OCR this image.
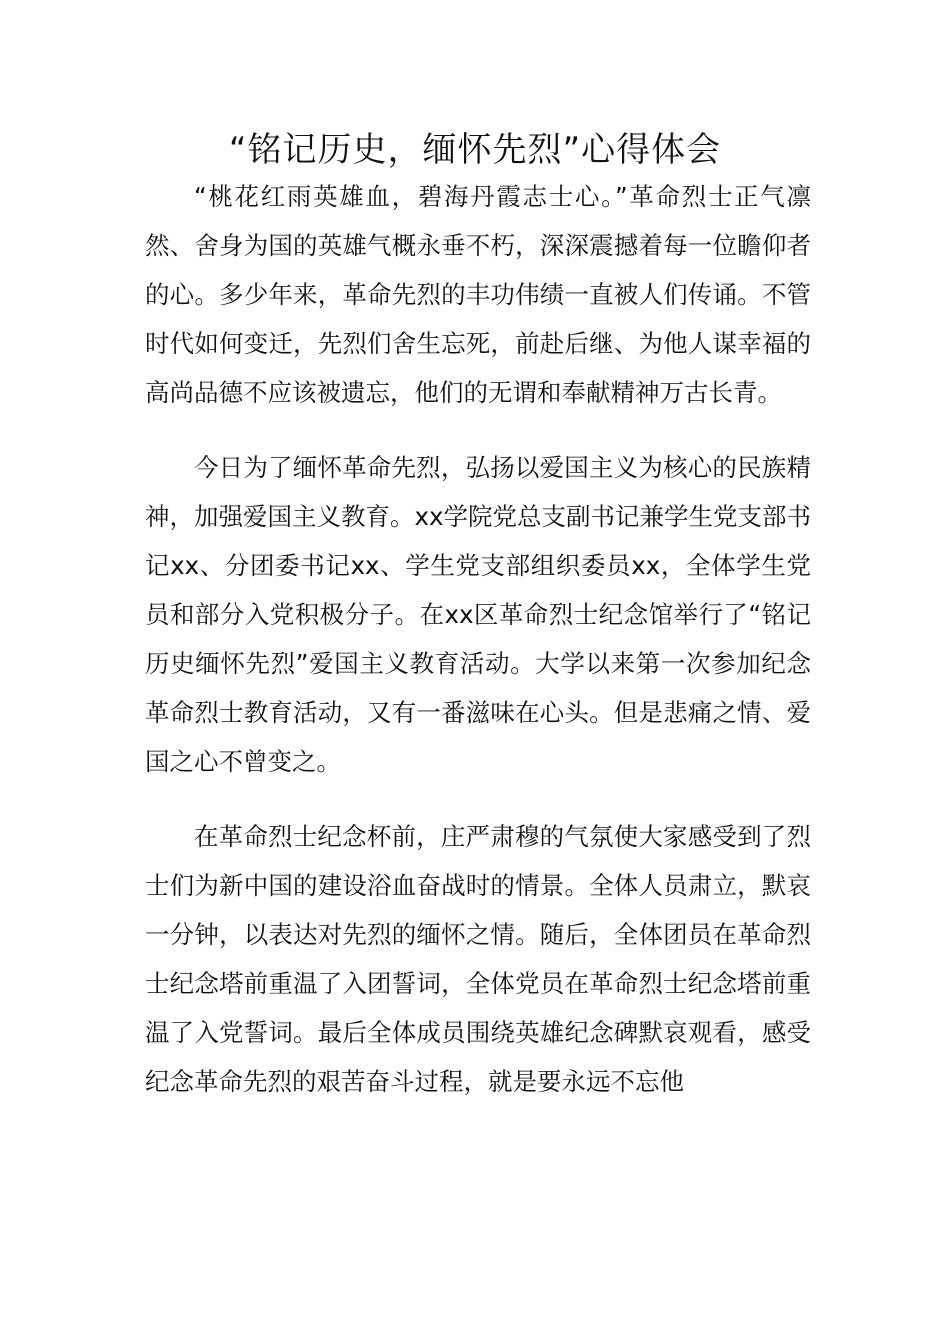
“铭记历史，缅怀先烈”心得体会

“桃花红雨英雄血，碧海丹霞志士心。”革命烈士正气凛然、舍身为国的英雄气概永垂不朽，深深震撼着每一位瞻仰者的心。多少年来，革命先烈的丰功伟绩一直被人们传诵。不管时代如何变迁，先烈们舍生忘死，前赴后继、为他人谋幸福的高尚品德不应该被遗忘，他们的无谓和奉献精神万古长青。

今日为了缅怀革命先烈，弘扬以爱国主义为核心的民族精神，加强爱国主义教育。xx学院党总支副书记兼学生党支部书记xx、分团委书记xx、学生党支部组织委员xx，全体学生党员和部分入党积极分子。在xx区革命烈士纪念馆举行了“铭记历史缅怀先烈”爱国主义教育活动。大学以来第一次参加纪念革命烈士教育活动，又有一番滋味在心头。但是悲痛之情、爱国之心不曾变之。

在革命烈士纪念杯前，庄严肃穆的气氛使大家感受到了烈士们为新中国的建设浴血奋战时的情景。全体人员肃立，默哀一分钟，以表达对先烈的缅怀之情。随后，全体团员在革命烈士纪念塔前重温了入团誓词，全体党员在革命烈士纪念塔前重温了入党誓词。最后全体成员围绕英雄纪念碑默哀观看，感受纪念革命先烈的艰苦奋斗过程，就是要永远不忘他
